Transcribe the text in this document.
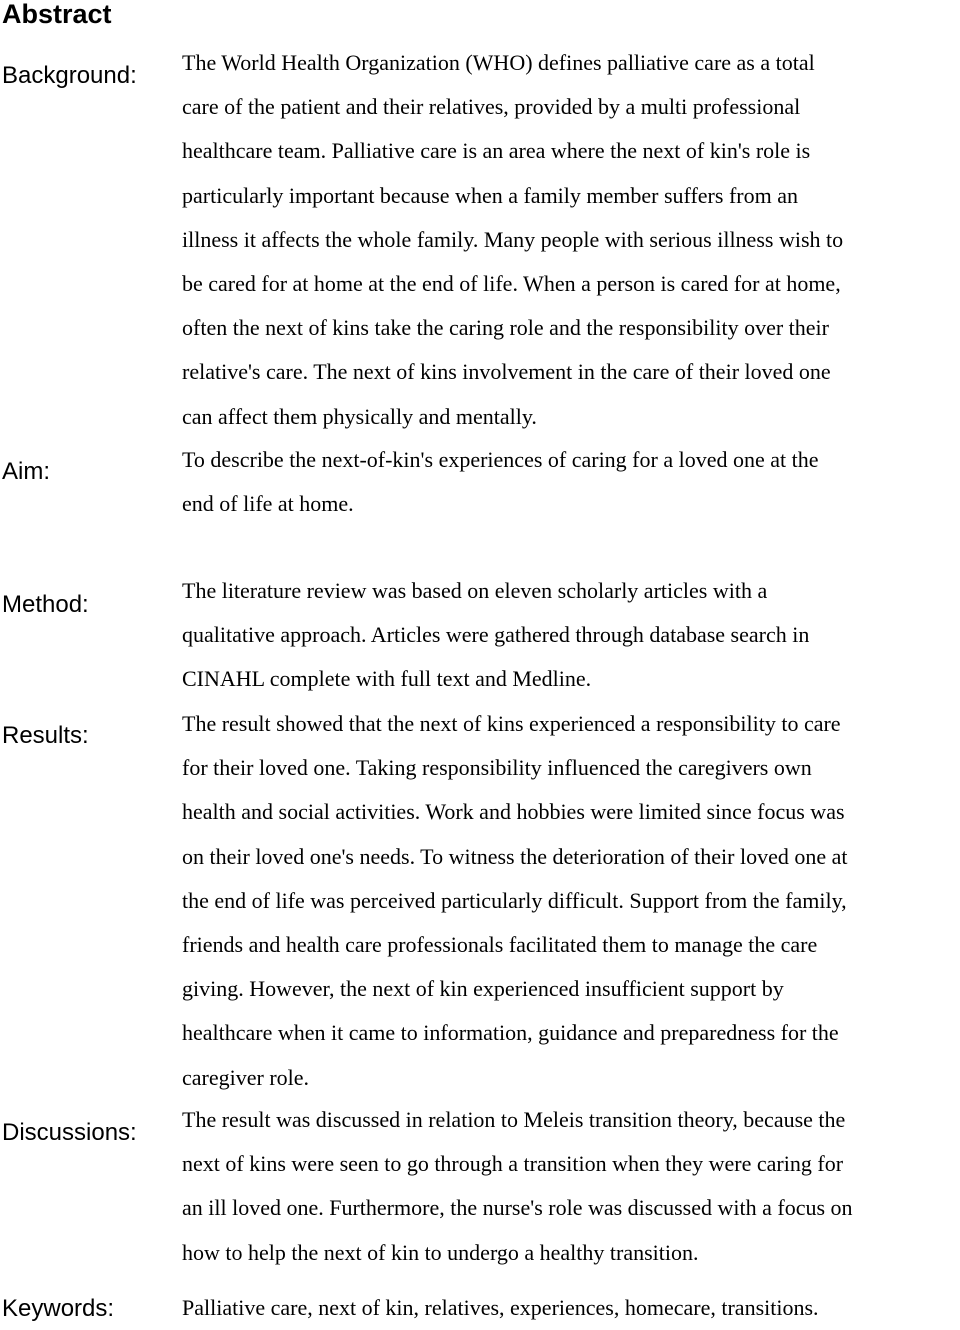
Abstract
Background: The World Health Organization (WHO) defines palliative care as a total
care of the patient and their relatives, provided by a multi professional
healthcare team. Palliative care is an area where the next of kin's role is
particularly important because when a family member suffers from an
illness it affects the whole family. Many people with serious illness wish to
be cared for at home at the end of life. When a person is cared for at home,
often the next of kins take the caring role and the responsibility over their
relative's care. The next of kins involvement in the care of their loved one
can affect them physically and mentally.
Aim:	To describe the next-of-kin's experiences of caring for a loved one at the
end of life at home.
Method:
The literature review was based on eleven scholarly articles with a
qualitative approach. Articles were gathered through database search in
CINAHL complete with full text and Medline.
Results:	The result showed that the next of kins experienced a responsibility to care
for their loved one. Taking responsibility influenced the caregivers own
health and social activities. Work and hobbies were limited since focus was
on their loved one's needs. To witness the deterioration of their loved one at
the end of life was perceived particularly difficult. Support from the family,
friends and health care professionals facilitated them to manage the care
giving. However, the next of kin experienced insufficient support by
healthcare when it came to information, guidance and preparedness for the
caregiver role.
Discussions: The result was discussed in relation to Meleis transition theory, because the
next of kins were seen to go through a transition when they were caring for
an ill loved one. Furthermore, the nurse's role was discussed with a focus on
how to help the next of kin to undergo a healthy transition.
Keywords:	Palliative care, next of kin, relatives, experiences, homecare, transitions.
